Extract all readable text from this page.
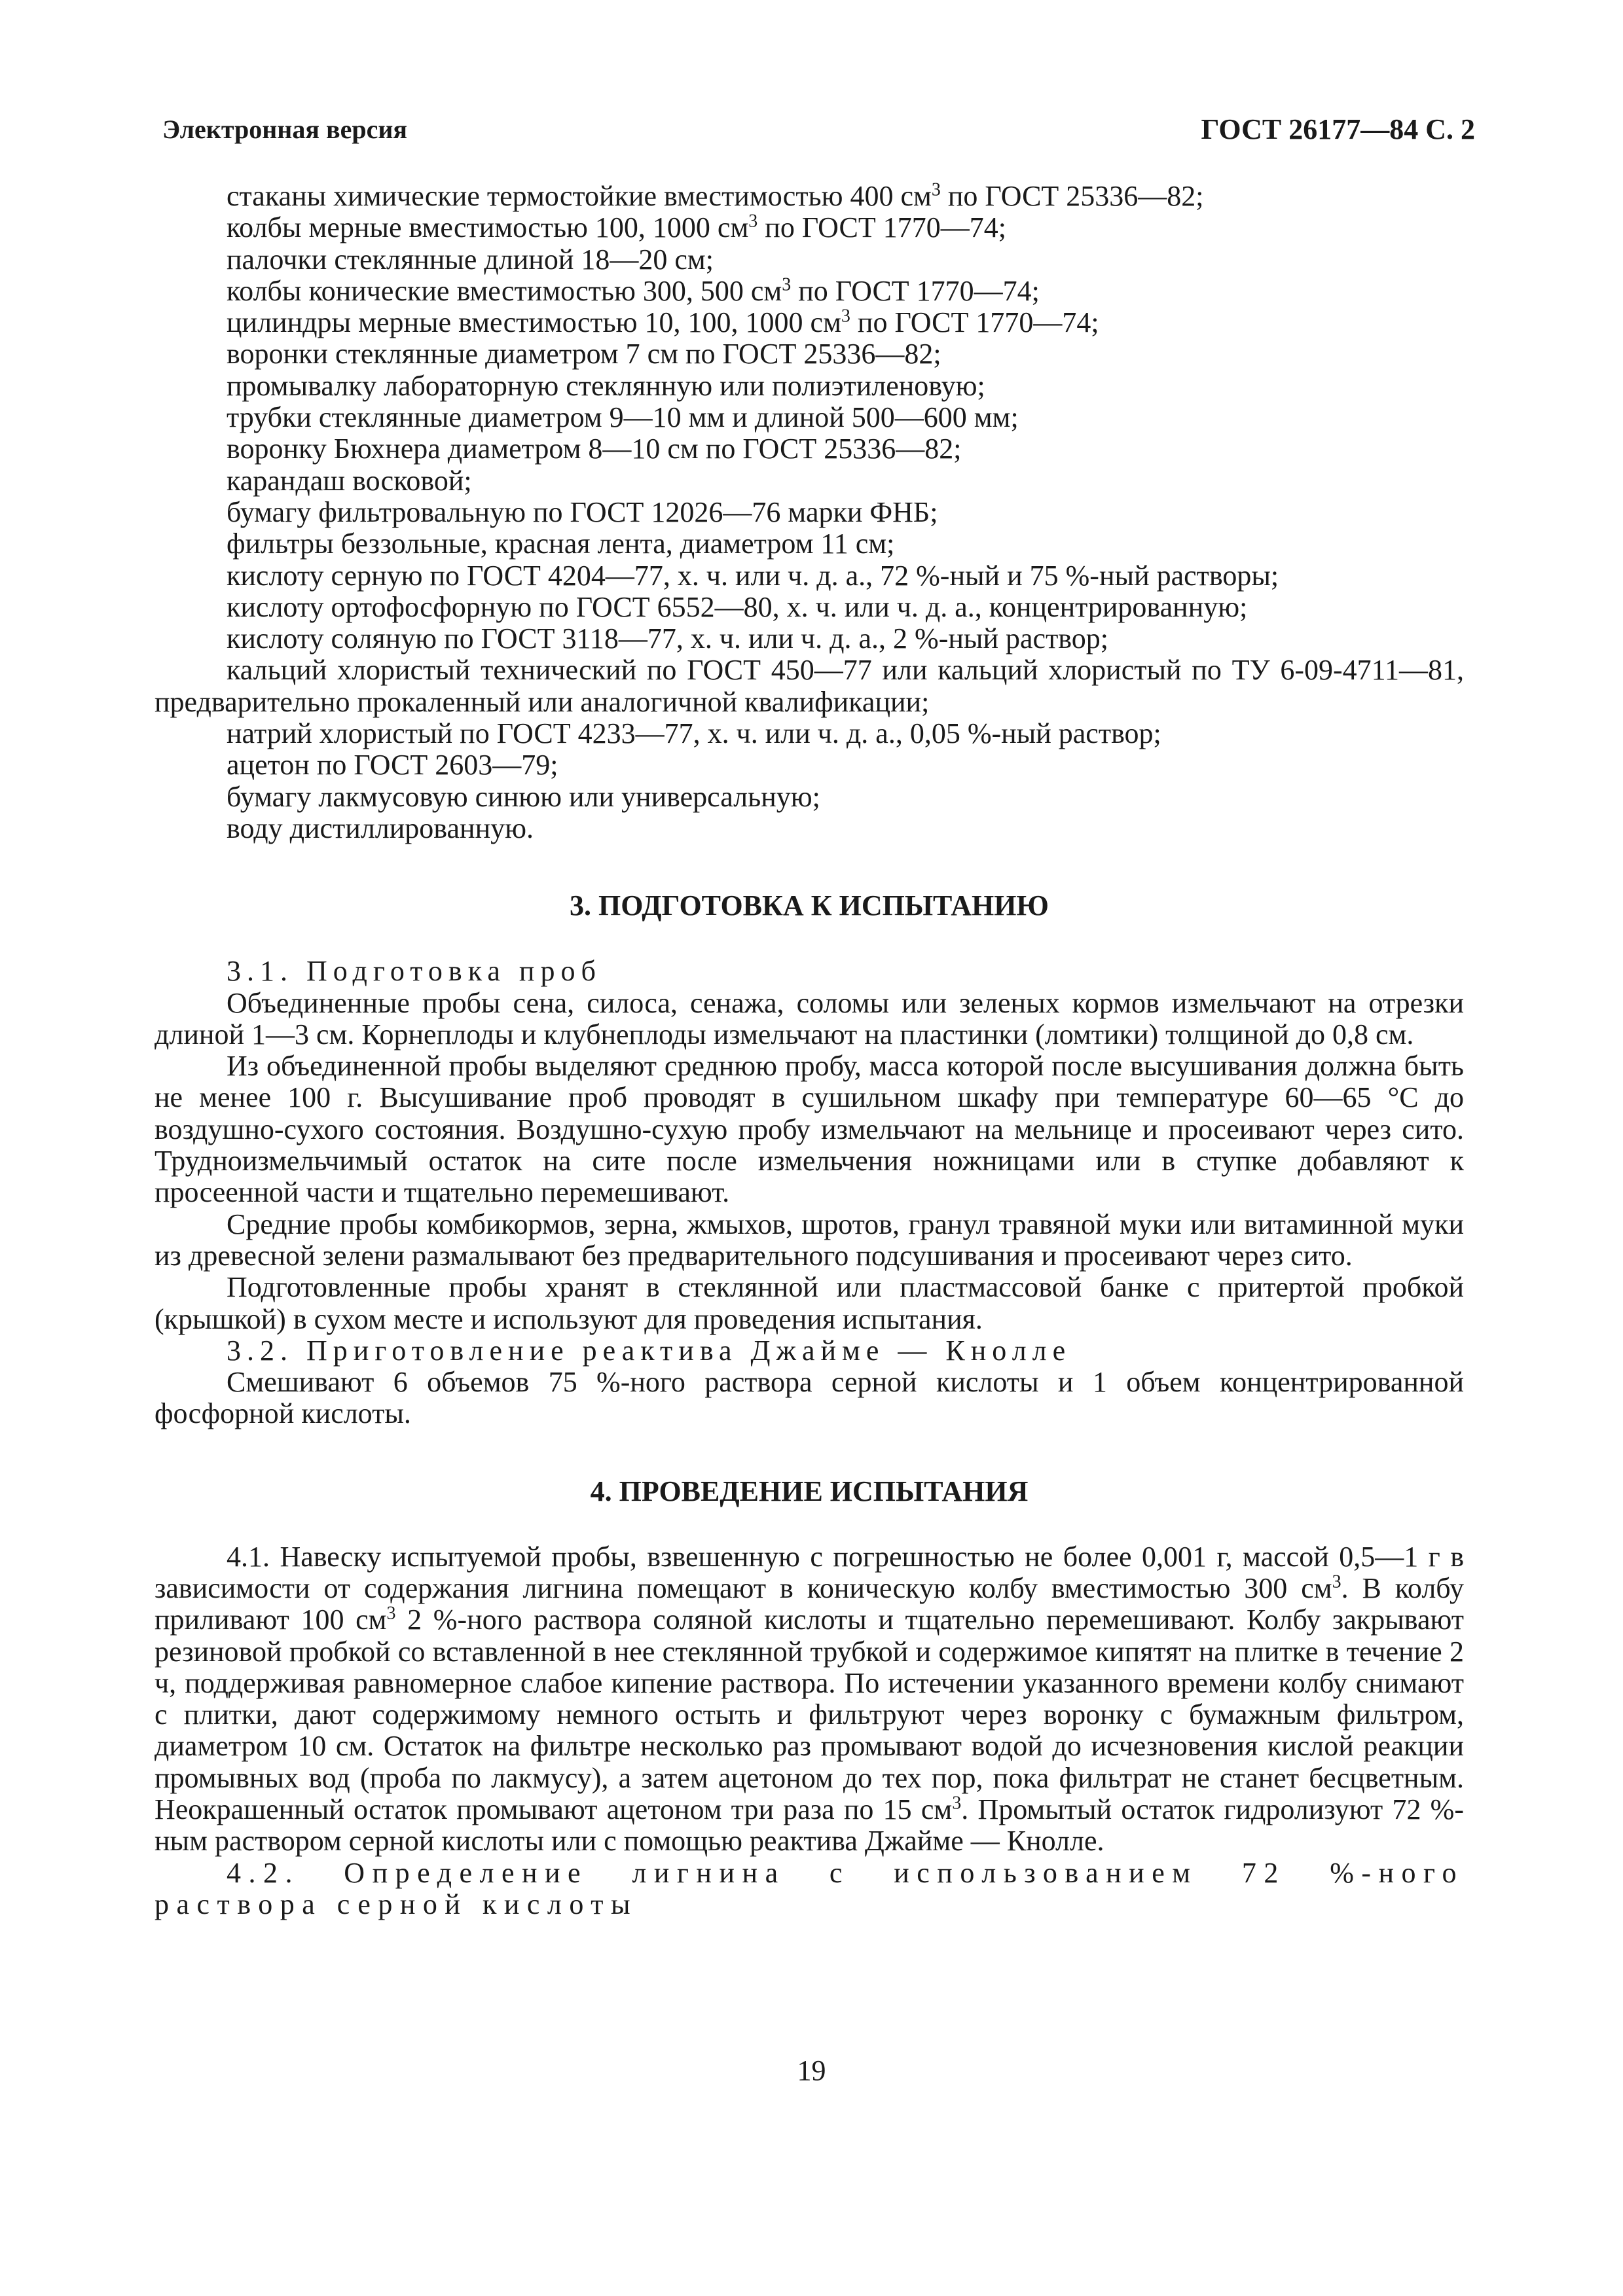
Электронная версия	ГОСТ 26177—84 С. 2

стаканы химические термостойкие вместимостью 400 $см^3$ по ГОСТ 25336—82;

колбы мерные вместимостью 100, 1000 $см^3$ по ГОСТ 1770—74;

палочки стеклянные длиной 18—20 см;

колбы конические вместимостью 300, 500 $см^3$ по ГОСТ 1770—74;

цилиндры мерные вместимостью 10, 100, 1000 $см^3$ по ГОСТ 1770—74;

воронки стеклянные диаметром 7 см по ГОСТ 25336—82;

промывалку лабораторную стеклянную или полиэтиленовую;

трубки стеклянные диаметром 9—10 мм и длиной 500—600 мм;

воронку Бюхнера диаметром 8—10 см по ГОСТ 25336—82;

карандаш восковой;

бумагу фильтровальную по ГОСТ 12026—76 марки ФНБ;

фильтры беззольные, красная лента, диаметром 11 см;

кислоту серную по ГОСТ 4204—77, х. ч. или ч. д. а., 72 %-ный и 75 %-ный растворы;

кислоту ортофосфорную по ГОСТ 6552—80, х. ч. или ч. д. а., концентрированную;

кислоту соляную по ГОСТ 3118—77, х. ч. или ч. д. а., 2 %-ный раствор;

кальций хлористый технический по ГОСТ 450—77 или кальций хлористый по ТУ 6-09-4711—81, предварительно прокаленный или аналогичной квалификации;

натрий хлористый по ГОСТ 4233—77, х. ч. или ч. д. а., 0,05 %-ный раствор;

ацетон по ГОСТ 2603—79;

бумагу лакмусовую синюю или универсальную;

воду дистиллированную.

3. ПОДГОТОВКА К ИСПЫТАНИЮ

3.1. Подготовка проб

Объединенные пробы сена, силоса, сенажа, соломы или зеленых кормов измельчают на отрезки длиной 1—3 см. Корнеплоды и клубнеплоды измельчают на пластинки (ломтики) толщиной до 0,8 см.

Из объединенной пробы выделяют среднюю пробу, масса которой после высушивания должна быть не менее 100 г. Высушивание проб проводят в сушильном шкафу при температуре 60—65 °С до воздушно-сухого состояния. Воздушно-сухую пробу измельчают на мельнице и просеивают через сито. Трудноизмельчимый остаток на сите после измельчения ножницами или в ступке добавляют к просеенной части и тщательно перемешивают.

Средние пробы комбикормов, зерна, жмыхов, шротов, гранул травяной муки или витаминной муки из древесной зелени размалывают без предварительного подсушивания и просеивают через сито.

Подготовленные пробы хранят в стеклянной или пластмассовой банке с притертой пробкой (крышкой) в сухом месте и используют для проведения испытания.

3.2. Приготовление реактива Джайме — Кнолле

Смешивают 6 объемов 75 %-ного раствора серной кислоты и 1 объем концентрированной фосфорной кислоты.

4. ПРОВЕДЕНИЕ ИСПЫТАНИЯ

4.1. Навеску испытуемой пробы, взвешенную с погрешностью не более 0,001 г, массой 0,5—1 г в зависимости от содержания лигнина помещают в коническую колбу вместимостью 300 $см^3$. В колбу приливают 100 $см^3$ 2 %-ного раствора соляной кислоты и тщательно перемешивают. Колбу закрывают резиновой пробкой со вставленной в нее стеклянной трубкой и содержимое кипятят на плитке в течение 2 ч, поддерживая равномерное слабое кипение раствора. По истечении указанного времени колбу снимают с плитки, дают содержимому немного остыть и фильтруют через воронку с бумажным фильтром, диаметром 10 см. Остаток на фильтре несколько раз промывают водой до исчезновения кислой реакции промывных вод (проба по лакмусу), а затем ацетоном до тех пор, пока фильтрат не станет бесцветным. Неокрашенный остаток промывают ацетоном три раза по 15 $см^3$. Промытый остаток гидролизуют 72 %-ным раствором серной кислоты или с помощью реактива Джайме — Кнолле.

4.2. Определение лигнина с использованием 72 %-ного раствора серной кислоты

19
